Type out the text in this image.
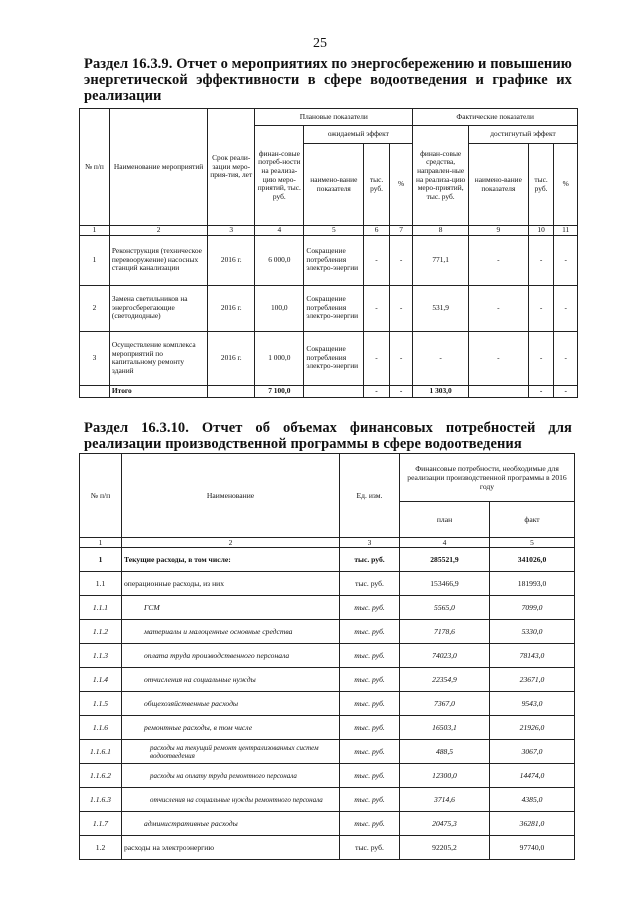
25
Раздел 16.3.9. Отчет о мероприятиях по энергосбережению и повышению энергетической эффективности в сфере водоотведения и графике их реализации
№ п/п	Наименование мероприятий	Срок реали-зации меро-прия-тия, лет	Плановые показатели				Фактические показатели			
			финан-совые потреб-ности на реализа-цию меро-приятий, тыс. руб.	ожидаемый эффект			финан-совые средства, направлен-ные на реализа-цию меро-приятий, тыс. руб.	достигнутый эффект		
				наимено-вание показателя	тыс. руб.	%		наимено-вание показателя	тыс. руб.	%
1	2	3	4	5	6	7	8	9	10	11
1	Реконструкция (техническое перевооружение) насосных станций канализации	2016 г.	6 000,0	Сокращение потребления электро-энергии	-	-	771,1	-	-	-
2	Замена светильников на энергосберегающие (светодиодные)	2016 г.	100,0	Сокращение потребления электро-энергии	-	-	531,9	-	-	-
3	Осуществление комплекса мероприятий по капитальному ремонту зданий	2016 г.	1 000,0	Сокращение потребления электро-энергии	-	-	-	-	-	-
	Итого		7 100,0		-	-	1 303,0		-	-
Раздел 16.3.10. Отчет об объемах финансовых потребностей для реализации производственной программы в сфере водоотведения
№ п/п	Наименование	Ед. изм.	Финансовые потребности, необходимые для реализации производственной программы в 2016 году	
			план	факт
1	2	3	4	5
1	Текущие расходы, в том числе:	тыс. руб.	285521,9	341026,0
1.1	операционные расходы, из них	тыс. руб.	153466,9	181993,0
1.1.1	ГСМ	тыс. руб.	5565,0	7099,0
1.1.2	материалы и малоценные основные средства	тыс. руб.	7178,6	5330,0
1.1.3	оплата труда производственного персонала	тыс. руб.	74023,0	78143,0
1.1.4	отчисления на социальные нужды	тыс. руб.	22354,9	23671,0
1.1.5	общехозяйственные расходы	тыс. руб.	7367,0	9543,0
1.1.6	ремонтные расходы, в том числе	тыс. руб.	16503,1	21926,0
1.1.6.1	расходы на текущий ремонт централизованных систем водоотведения	тыс. руб.	488,5	3067,0
1.1.6.2	расходы на оплату труда ремонтного персонала	тыс. руб.	12300,0	14474,0
1.1.6.3	отчисления на социальные нужды ремонтного персонала	тыс. руб.	3714,6	4385,0
1.1.7	административные расходы	тыс. руб.	20475,3	36281,0
1.2	расходы на электроэнергию	тыс. руб.	92205,2	97740,0
